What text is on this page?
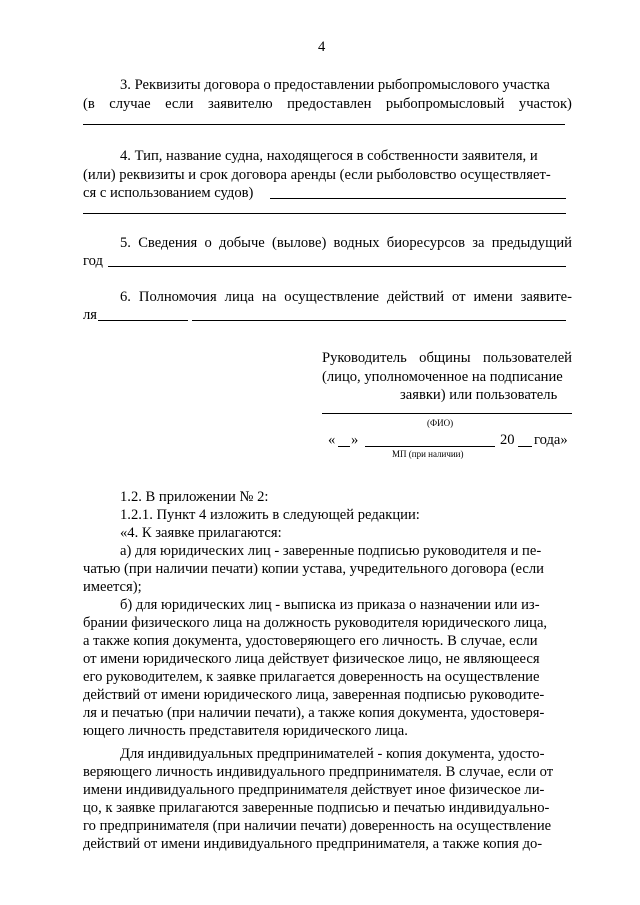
4
3. Реквизиты договора о предоставлении рыбопромыслового участка
(в случае если заявителю предоставлен рыбопромысловый участок)
4. Тип, название судна, находящегося в собственности заявителя, и
(или) реквизиты и срок договора аренды (если рыболовство осуществляет-
ся с использованием судов)
5. Сведения о добыче (вылове) водных биоресурсов за предыдущий
год
6. Полномочия лица на осуществление действий от имени заявите-
ля
Руководитель общины пользователей
(лицо, уполномоченное на подписание
заявки) или пользователь
(ФИО)
« »	20 года»
МП (при наличии)
1.2. В приложении № 2:
1.2.1. Пункт 4 изложить в следующей редакции:
«4. К заявке прилагаются:
а) для юридических лиц - заверенные подписью руководителя и пе-
чатью (при наличии печати) копии устава, учредительного договора (если
имеется);
б) для юридических лиц - выписка из приказа о назначении или из-
брании физического лица на должность руководителя юридического лица,
а также копия документа, удостоверяющего его личность. В случае, если
от имени юридического лица действует физическое лицо, не являющееся
его руководителем, к заявке прилагается доверенность на осуществление
действий от имени юридического лица, заверенная подписью руководите-
ля и печатью (при наличии печати), а также копия документа, удостоверя-
ющего личность представителя юридического лица.
Для индивидуальных предпринимателей - копия документа, удосто-
веряющего личность индивидуального предпринимателя. В случае, если от
имени индивидуального предпринимателя действует иное физическое ли-
цо, к заявке прилагаются заверенные подписью и печатью индивидуально-
го предпринимателя (при наличии печати) доверенность на осуществление
действий от имени индивидуального предпринимателя, а также копия до-
